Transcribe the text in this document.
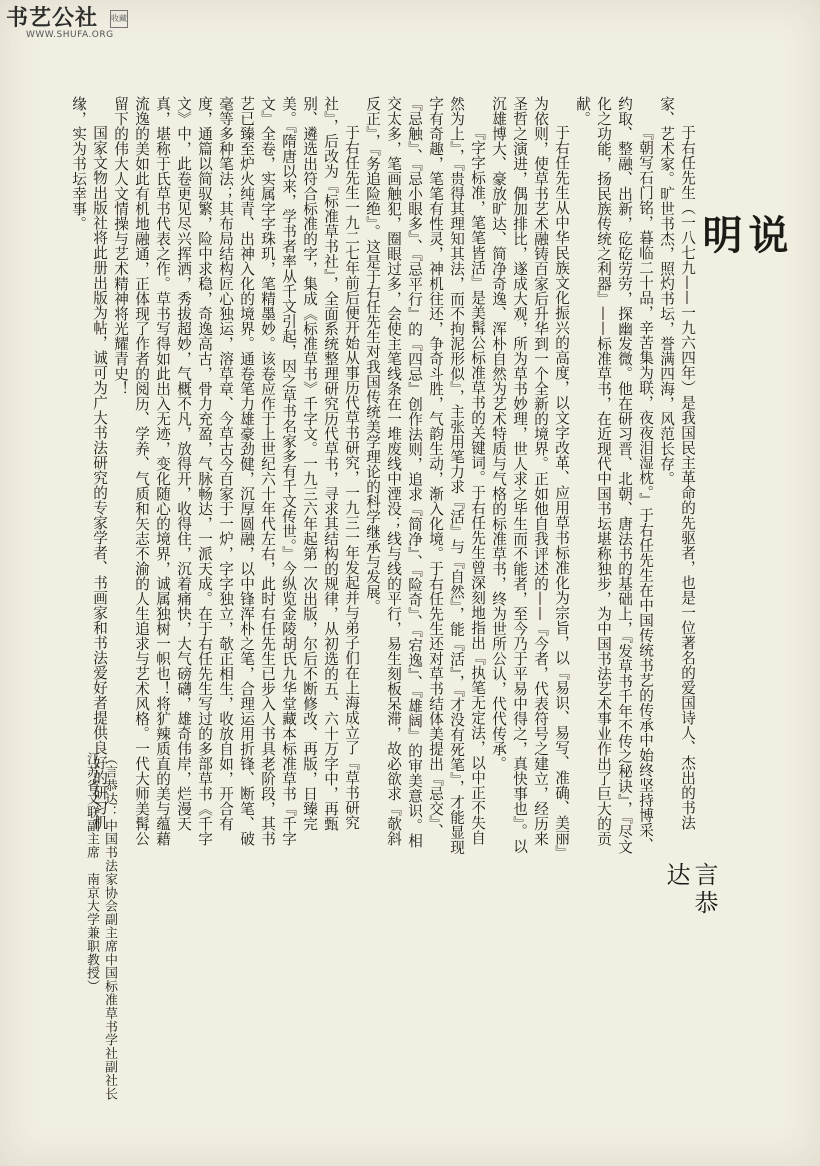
书艺公社
WWW.SHUFA.ORG
收藏
说明

于右任先生（一八七九——一九六四年）是我国民主革命的先驱者，也是一位著名的爱国诗人、杰出的书法家、艺术家。旷世书杰，照灼书坛，誉满四海，风范长存。

『朝写石门铭，暮临二十品，辛苦集为联，夜夜泪湿枕。』于右任先生在中国传统书艺的传承中始终坚持博采、约取、整融、出新，矻矻劳劳，探幽发微。他在研习晋、北朝、唐法书的基础上，『发草书千年不传之秘诀』，『尽文化之功能，扬民族传统之利器』——标准草书，在近现代中国书坛堪称独步，为中国书法艺术事业作出了巨大的贡献。

于右任先生从中华民族文化振兴的高度，以文字改革、应用草书标准化为宗旨，以『易识、易写、准确、美丽』为依则，使草书艺术融铸百家后升华到一个全新的境界。正如他自我评述的——『今者，代表符号之建立，经历来圣哲之演进，偶加排比，遂成大观，所为草书妙理，世人求之毕生而不能者，至今乃于平易中得之，真快事也』。以沉雄博大、豪放旷达、简净奇逸、浑朴自然为艺术特质与气格的标准草书，终为世所公认，代代传承。

『字字标准，笔笔皆活』是美髯公标准草书的关键词。于右任先生曾深刻地指出『执笔无定法，以中正不失自然为上』，『贵得其理知其法，而不拘泥形似』，主张用笔力求『活』与『自然』，能『活』，『才没有死笔』，才能显现字有奇趣，笔笔有性灵，神机往还，争奇斗胜，气韵生动，渐入化境。于右任先生还对草书结体美提出『忌交』、『忌触』、『忌小眼多』、『忌平行』的『四忌』创作法则，追求『简净』、『险奇』、『宕逸』、『雄阔』的审美意识。相交太多，笔画触犯，圈眼过多，会使主笔线条在一堆废线中湮没；线与线的平行，易生刻板呆滞，故必欲求『欹斜反正』，『务追险绝』。这是于右任先生对我国传统美学理论的科学继承与发展。

于右任先生一九二七年前后便开始从事历代草书研究，一九三一年发起并与弟子们在上海成立了『草书研究社』，后改为『标准草书社』，全面系统整理研究历代草书，寻求其结构的规律，从初选的五、六十万字中，再甄别、遴选出符合标准的字，集成《标准草书》千字文。一九三六年起第一次出版，尔后不断修改、再版，日臻完美。『隋唐以来，学书者率从千文引起，因之草书名家多有千文传世。』今纵览金陵胡氏九华堂藏本标准草书『千字文』全卷，实属字字珠玑，笔精墨妙。该卷应作于上世纪六十年代左右，此时右任先生已步入人书具老阶段，其书艺已臻至炉火纯青、出神入化的境界。通卷笔力雄豪劲健，沉厚圆融，以中锋浑朴之笔，合理运用折锋、断笔、破毫等多种笔法；其布局结构匠心独运，溶草章、今草古今百家于一炉，字字独立，欹正相生，收放自如，开合有度，通篇以简驭繁，险中求稳，奇逸高古，骨力充盈，气脉畅达，一派天成。在于右任先生写过的多部草书《千字文》中，此卷更见尽兴挥洒，秀拔超妙，气概不凡，放得开，收得住，沉着痛快，大气磅礴，雄奇伟岸，烂漫天真，堪称于氏草书代表之作。草书写得如此出入无迹，变化随心的境界，诚属独树一帜也！将犷辣质直的美与蕴藉流逸的美如此有机地融通，正体现了作者的阅历、学养、气质和矢志不渝的人生追求与艺术风格。一代大师美髯公留下的伟大人文情操与艺术精神将光耀青史！

国家文物出版社将此册出版为帖，诚可为广大书法研究的专家学者、书画家和书法爱好者提供良好的研习机缘，实为书坛幸事。

言恭达
（言恭达：中国书法家协会副主席中国标准草书学社副社长　江苏省文联副主席　南京大学兼职教授）
